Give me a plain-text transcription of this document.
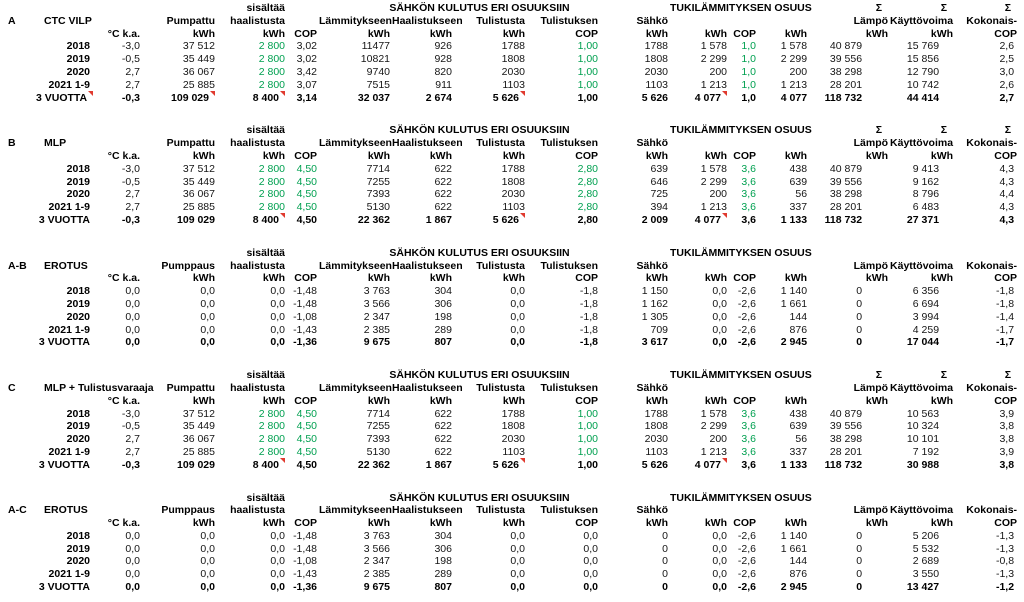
				sisältää		SÄHKÖN KULUTUS ERI OSUUKSIIN					TUKILÄMMITYKSEN OSUUS			Σ	Σ	Σ
A	CTC VILP		Pumpattu	haalistusta		Lämmitykseen	Haalistukseen	Tulistusta	Tulistuksen	Sähkö				Lämpö	Käyttövoima	Kokonais-
		°C k.a.	kWh	kWh	COP	kWh	kWh	kWh	COP	kWh	kWh	COP	kWh	kWh	kWh	COP
	2018	-3,0	37 512	2 800	3,02	11477	926	1788	1,00	1788	1 578	1,0	1 578	40 879	15 769	2,6
	2019	-0,5	35 449	2 800	3,02	10821	928	1808	1,00	1808	2 299	1,0	2 299	39 556	15 856	2,5
	2020	2,7	36 067	2 800	3,42	9740	820	2030	1,00	2030	200	1,0	200	38 298	12 790	3,0
	2021 1-9	2,7	25 885	2 800	3,07	7515	911	1103	1,00	1103	1 213	1,0	1 213	28 201	10 742	2,6
	3 VUOTTA	-0,3	109 029	8 400	3,14	32 037	2 674	5 626	1,00	5 626	4 077	1,0	4 077	118 732	44 414	2,7
				sisältää		SÄHKÖN KULUTUS ERI OSUUKSIIN					TUKILÄMMITYKSEN OSUUS			Σ	Σ	Σ
B	MLP		Pumpattu	haalistusta		Lämmitykseen	Haalistukseen	Tulistusta	Tulistuksen	Sähkö				Lämpö	Käyttövoima	Kokonais-
		°C k.a.	kWh	kWh	COP	kWh	kWh	kWh	COP	kWh	kWh	COP	kWh	kWh	kWh	COP
	2018	-3,0	37 512	2 800	4,50	7714	622	1788	2,80	639	1 578	3,6	438	40 879	9 413	4,3
	2019	-0,5	35 449	2 800	4,50	7255	622	1808	2,80	646	2 299	3,6	639	39 556	9 162	4,3
	2020	2,7	36 067	2 800	4,50	7393	622	2030	2,80	725	200	3,6	56	38 298	8 796	4,4
	2021 1-9	2,7	25 885	2 800	4,50	5130	622	1103	2,80	394	1 213	3,6	337	28 201	6 483	4,3
	3 VUOTTA	-0,3	109 029	8 400	4,50	22 362	1 867	5 626	2,80	2 009	4 077	3,6	1 133	118 732	27 371	4,3
				sisältää		SÄHKÖN KULUTUS ERI OSUUKSIIN					TUKILÄMMITYKSEN OSUUS					
A-B	EROTUS		Pumppaus	haalistusta		Lämmitykseen	Haalistukseen	Tulistusta	Tulistuksen	Sähkö				Lämpö	Käyttövoima	Kokonais-
		°C k.a.	kWh	kWh	COP	kWh	kWh	kWh	COP	kWh	kWh	COP	kWh	kWh	kWh	COP
	2018	0,0	0,0	0,0	-1,48	3 763	304	0,0	-1,8	1 150	0,0	-2,6	1 140	0	6 356	-1,8
	2019	0,0	0,0	0,0	-1,48	3 566	306	0,0	-1,8	1 162	0,0	-2,6	1 661	0	6 694	-1,8
	2020	0,0	0,0	0,0	-1,08	2 347	198	0,0	-1,8	1 305	0,0	-2,6	144	0	3 994	-1,4
	2021 1-9	0,0	0,0	0,0	-1,43	2 385	289	0,0	-1,8	709	0,0	-2,6	876	0	4 259	-1,7
	3 VUOTTA	0,0	0,0	0,0	-1,36	9 675	807	0,0	-1,8	3 617	0,0	-2,6	2 945	0	17 044	-1,7
				sisältää		SÄHKÖN KULUTUS ERI OSUUKSIIN					TUKILÄMMITYKSEN OSUUS			Σ	Σ	Σ
C	MLP + Tulistusvaraaja		Pumpattu	haalistusta		Lämmitykseen	Haalistukseen	Tulistusta	Tulistuksen	Sähkö				Lämpö	Käyttövoima	Kokonais-
		°C k.a.	kWh	kWh	COP	kWh	kWh	kWh	COP	kWh	kWh	COP	kWh	kWh	kWh	COP
	2018	-3,0	37 512	2 800	4,50	7714	622	1788	1,00	1788	1 578	3,6	438	40 879	10 563	3,9
	2019	-0,5	35 449	2 800	4,50	7255	622	1808	1,00	1808	2 299	3,6	639	39 556	10 324	3,8
	2020	2,7	36 067	2 800	4,50	7393	622	2030	1,00	2030	200	3,6	56	38 298	10 101	3,8
	2021 1-9	2,7	25 885	2 800	4,50	5130	622	1103	1,00	1103	1 213	3,6	337	28 201	7 192	3,9
	3 VUOTTA	-0,3	109 029	8 400	4,50	22 362	1 867	5 626	1,00	5 626	4 077	3,6	1 133	118 732	30 988	3,8
				sisältää		SÄHKÖN KULUTUS ERI OSUUKSIIN					TUKILÄMMITYKSEN OSUUS					
A-C	EROTUS		Pumppaus	haalistusta		Lämmitykseen	Haalistukseen	Tulistusta	Tulistuksen	Sähkö				Lämpö	Käyttövoima	Kokonais-
		°C k.a.	kWh	kWh	COP	kWh	kWh	kWh	COP	kWh	kWh	COP	kWh	kWh	kWh	COP
	2018	0,0	0,0	0,0	-1,48	3 763	304	0,0	0,0	0	0,0	-2,6	1 140	0	5 206	-1,3
	2019	0,0	0,0	0,0	-1,48	3 566	306	0,0	0,0	0	0,0	-2,6	1 661	0	5 532	-1,3
	2020	0,0	0,0	0,0	-1,08	2 347	198	0,0	0,0	0	0,0	-2,6	144	0	2 689	-0,8
	2021 1-9	0,0	0,0	0,0	-1,43	2 385	289	0,0	0,0	0	0,0	-2,6	876	0	3 550	-1,3
	3 VUOTTA	0,0	0,0	0,0	-1,36	9 675	807	0,0	0,0	0	0,0	-2,6	2 945	0	13 427	-1,2
